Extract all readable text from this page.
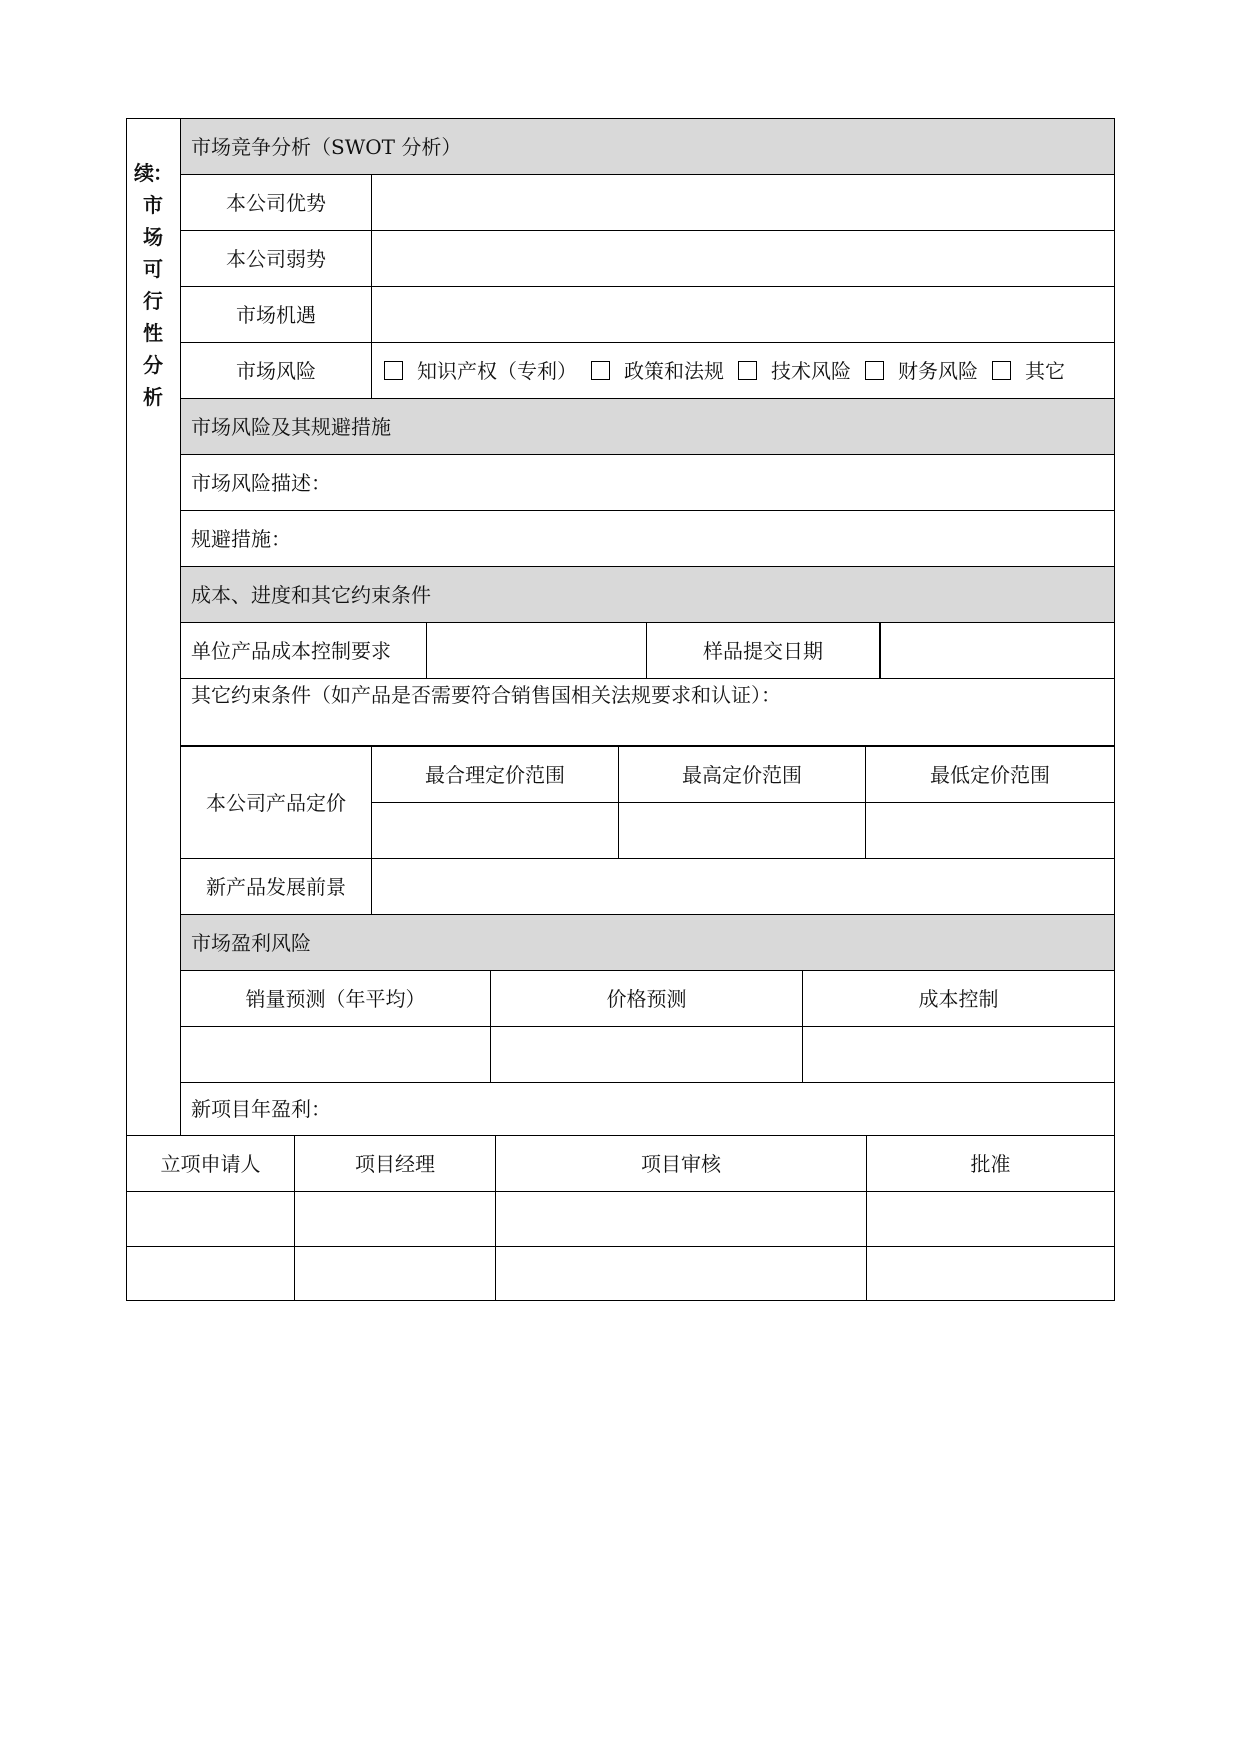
续：
市
场
可
行
性
分
析
市场竞争分析（SWOT 分析）
本公司优势
本公司弱势
市场机遇
市场风险	知识产权（专利） 政策和法规 技术风险 财务风险 其它
市场风险及其规避措施
市场风险描述：
规避措施：
成本、进度和其它约束条件
单位产品成本控制要求	样品提交日期
其它约束条件（如产品是否需要符合销售国相关法规要求和认证）：
本公司产品定价
最合理定价范围	最高定价范围	最低定价范围
新产品发展前景
市场盈利风险
销量预测（年平均）	价格预测	成本控制
新项目年盈利：
立项申请人	项目经理	项目审核	批准
